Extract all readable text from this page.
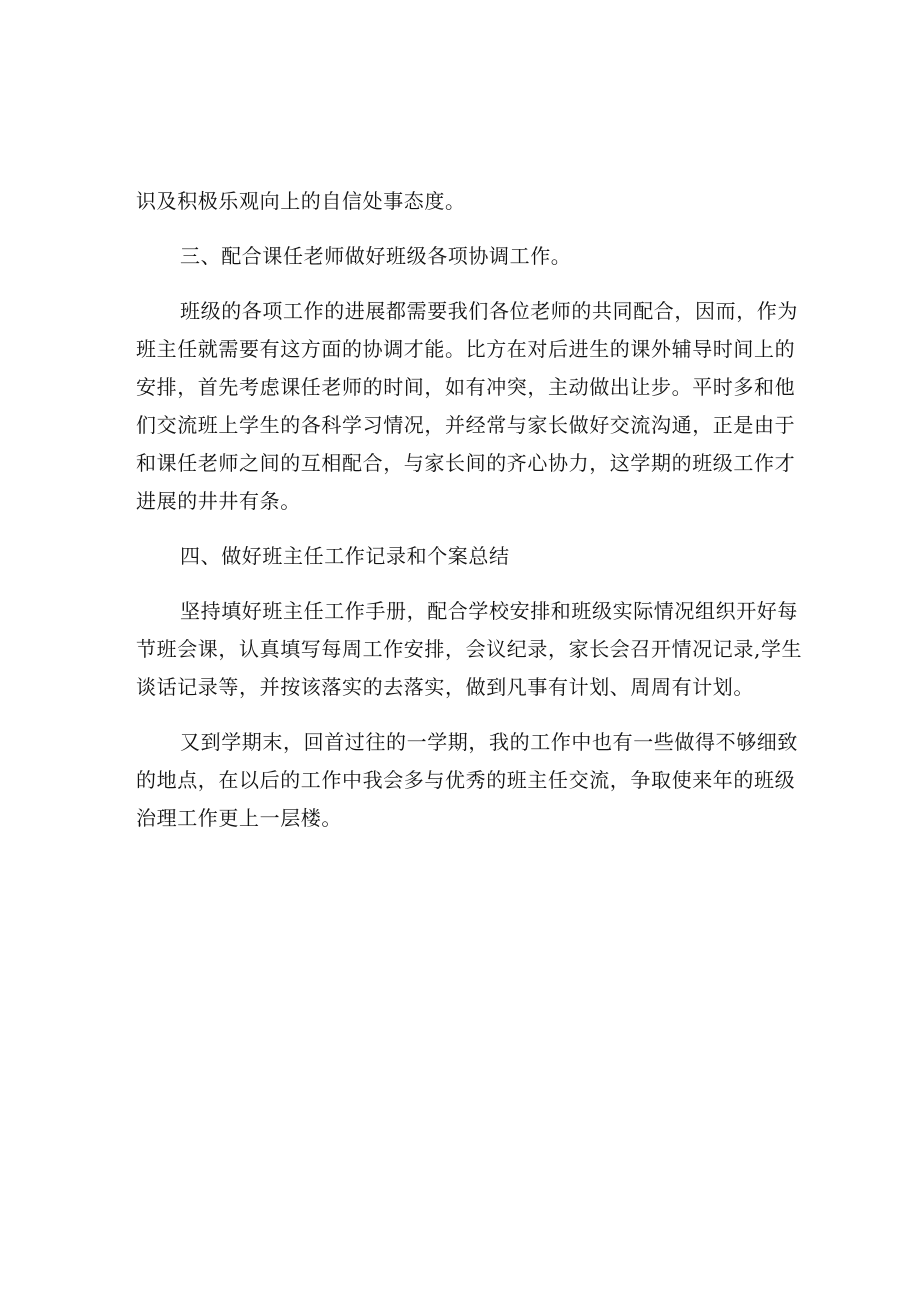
识及积极乐观向上的自信处事态度。
三、配合课任老师做好班级各项协调工作。
班级的各项工作的进展都需要我们各位老师的共同配合，因而，作为
班主任就需要有这方面的协调才能。比方在对后进生的课外辅导时间上的
安排，首先考虑课任老师的时间，如有冲突，主动做出让步。平时多和他
们交流班上学生的各科学习情况，并经常与家长做好交流沟通，正是由于
和课任老师之间的互相配合，与家长间的齐心协力，这学期的班级工作才
进展的井井有条。
四、做好班主任工作记录和个案总结
坚持填好班主任工作手册，配合学校安排和班级实际情况组织开好每
节班会课，认真填写每周工作安排，会议纪录，家长会召开情况记录,学生
谈话记录等，并按该落实的去落实，做到凡事有计划、周周有计划。
又到学期末，回首过往的一学期，我的工作中也有一些做得不够细致
的地点，在以后的工作中我会多与优秀的班主任交流，争取使来年的班级
治理工作更上一层楼。
